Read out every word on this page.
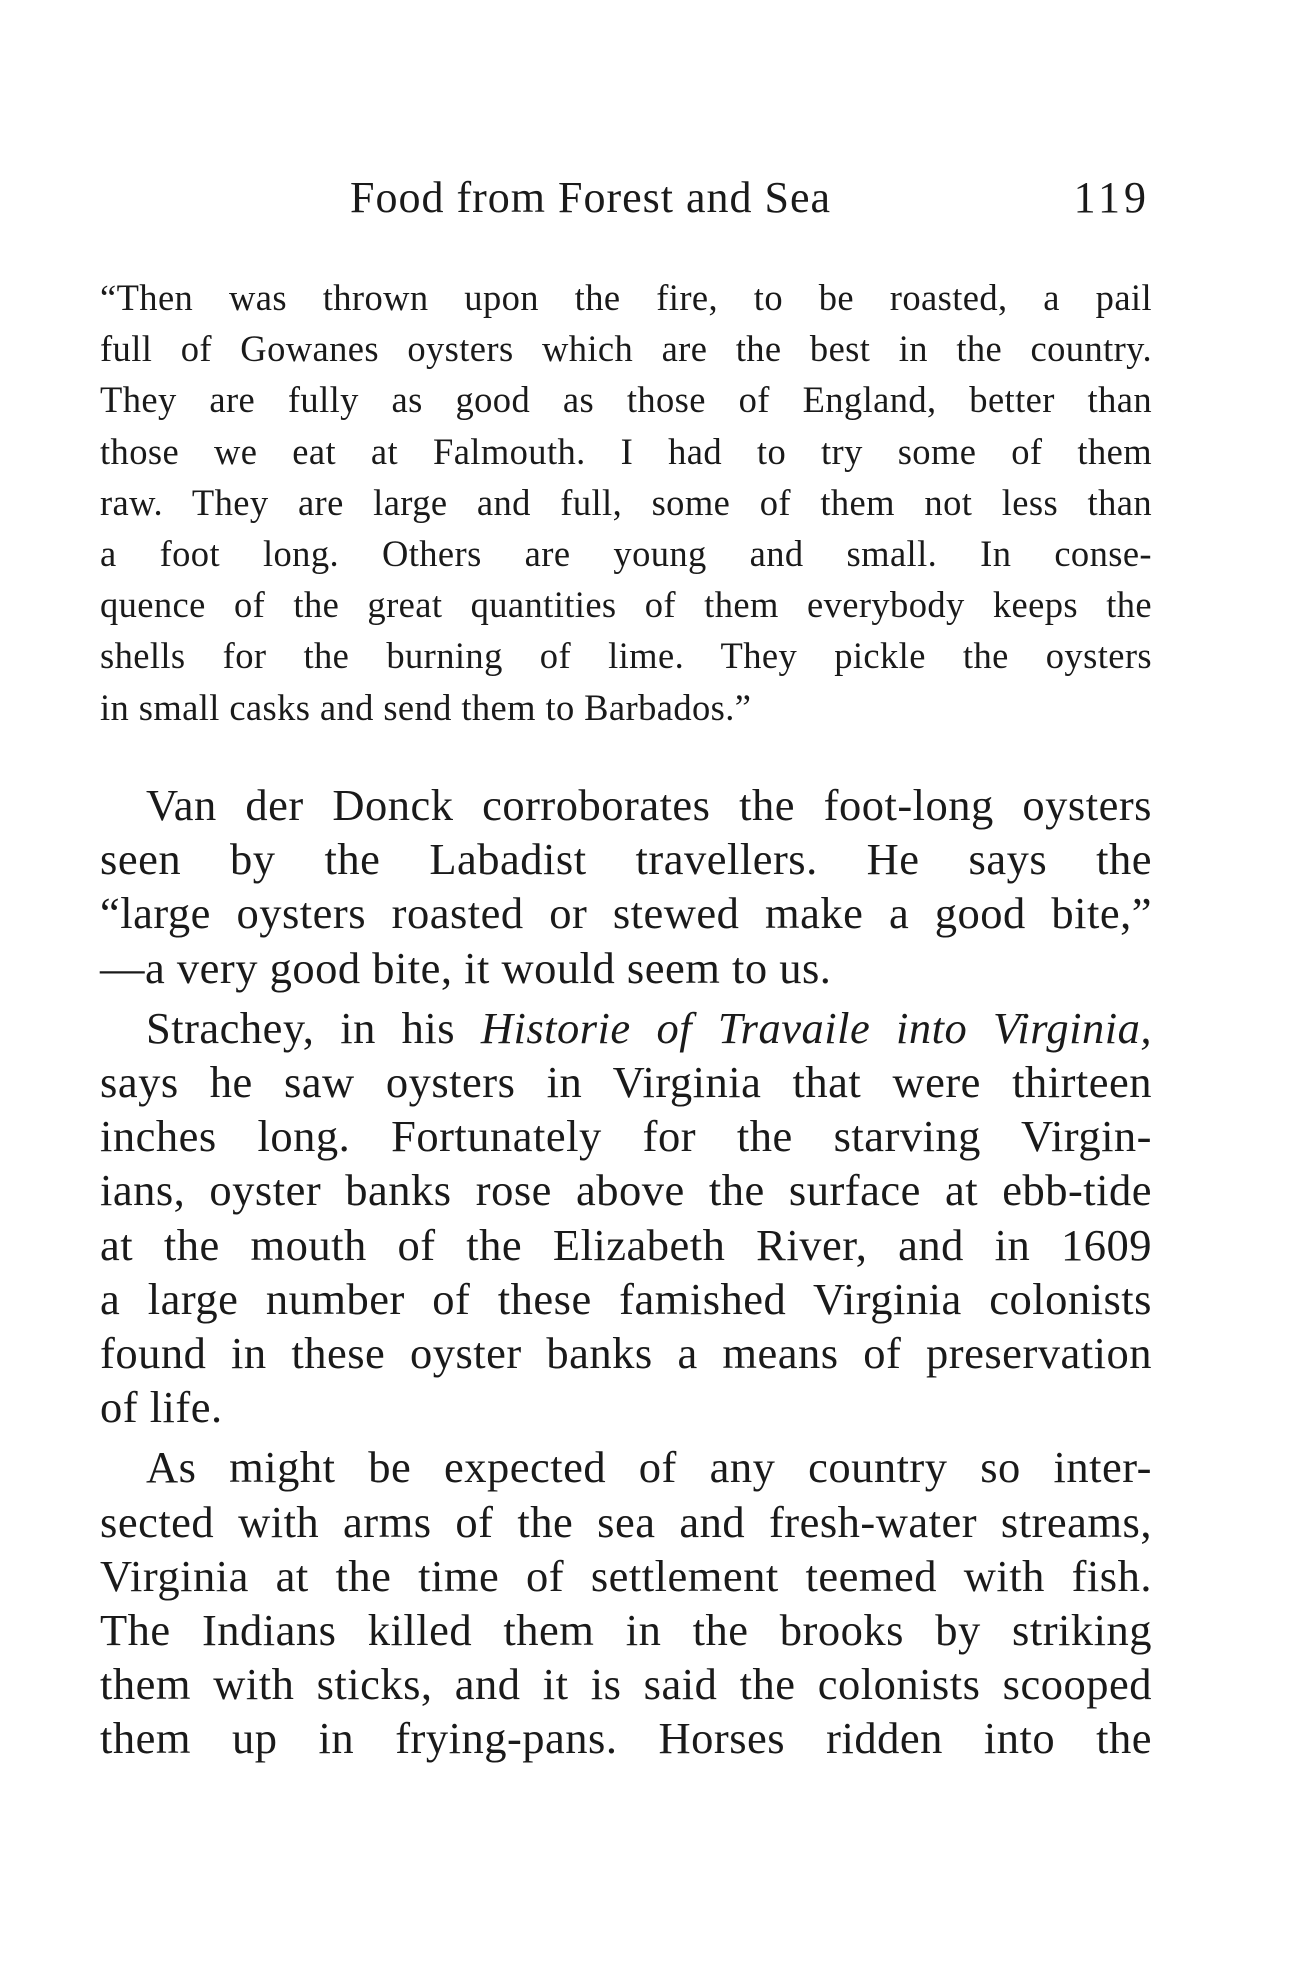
Food from Forest and Sea	119
“Then was thrown upon the fire, to be roasted, a pail
full of Gowanes oysters which are the best in the country.
They are fully as good as those of England, better than
those we eat at Falmouth. I had to try some of them
raw. They are large and full, some of them not less than
a foot long. Others are young and small. In conse-
quence of the great quantities of them everybody keeps the
shells for the burning of lime. They pickle the oysters
in small casks and send them to Barbados.”
Van der Donck corroborates the foot-long oysters
seen by the Labadist travellers. He says the
“large oysters roasted or stewed make a good bite,”
—a very good bite, it would seem to us.
Strachey, in his Historie of Travaile into Virginia,
says he saw oysters in Virginia that were thirteen
inches long. Fortunately for the starving Virgin-
ians, oyster banks rose above the surface at ebb-tide
at the mouth of the Elizabeth River, and in 1609
a large number of these famished Virginia colonists
found in these oyster banks a means of preservation
of life.
As might be expected of any country so inter-
sected with arms of the sea and fresh-water streams,
Virginia at the time of settlement teemed with fish.
The Indians killed them in the brooks by striking
them with sticks, and it is said the colonists scooped
them up in frying-pans. Horses ridden into the
